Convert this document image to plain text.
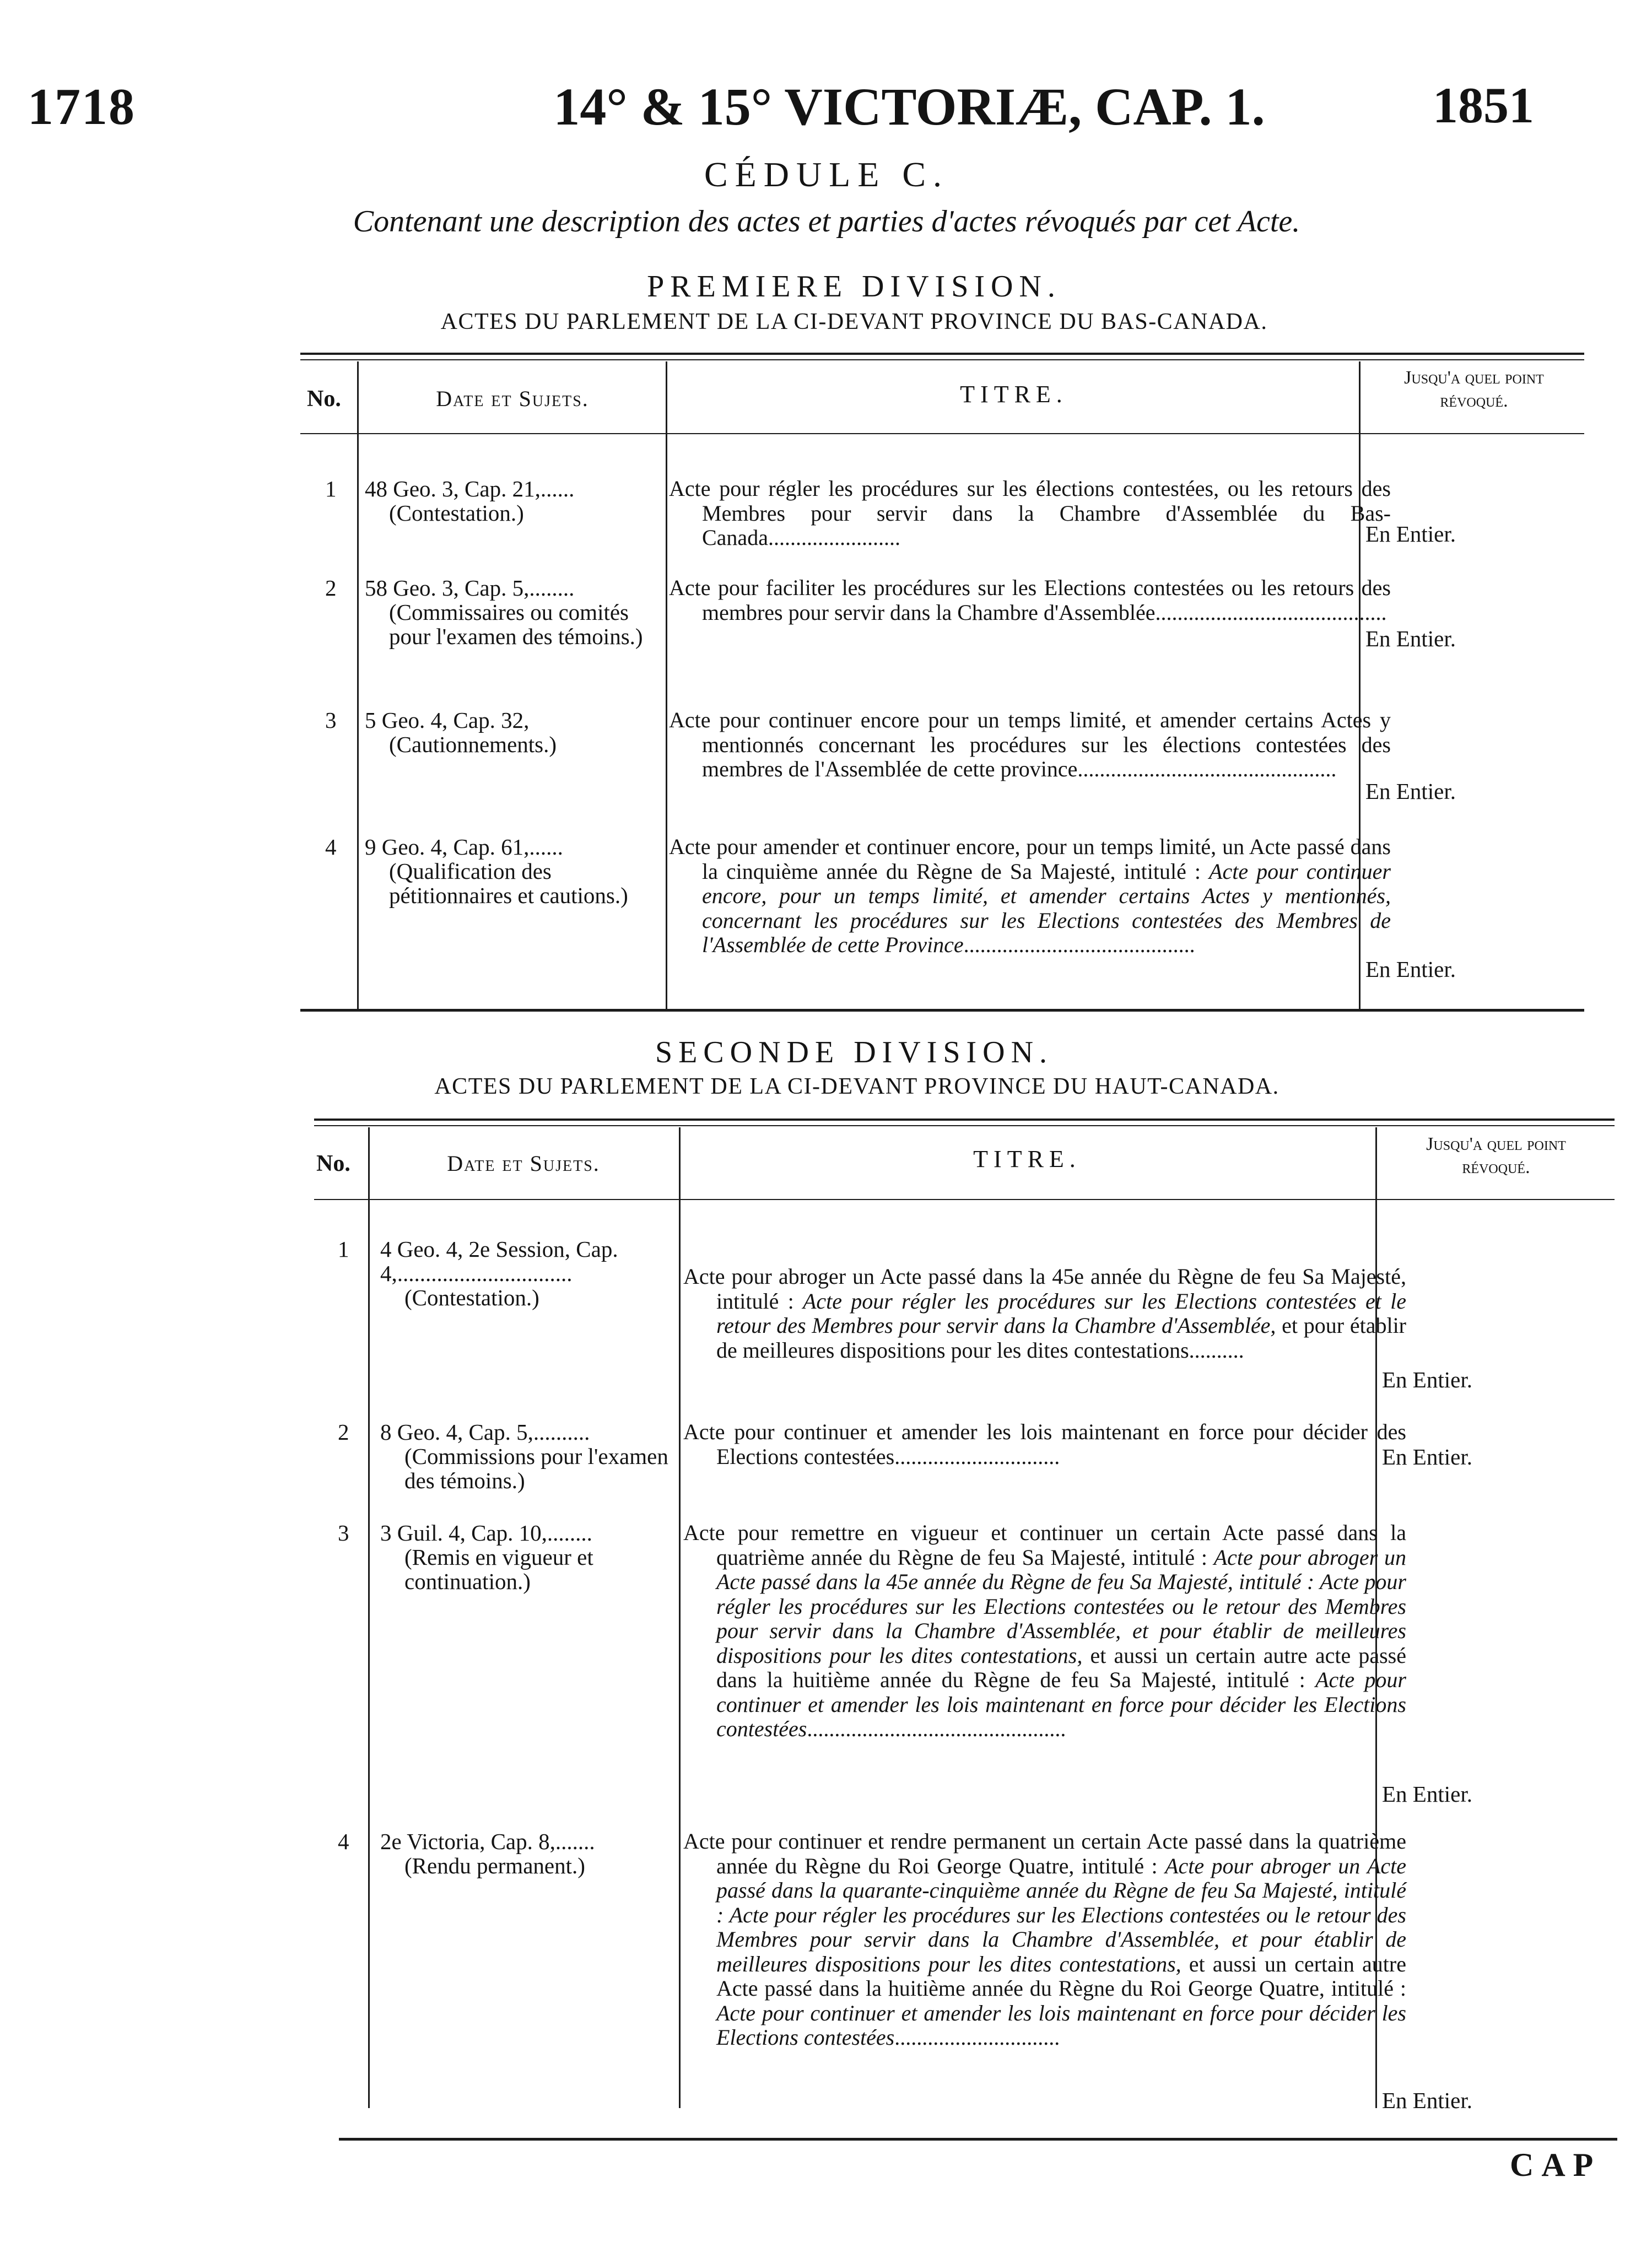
1718	14° & 15° VICTORIÆ, CAP. 1.	1851
CÉDULE C.
Contenant une description des actes et parties d'actes révoqués par cet Acte.
PREMIERE DIVISION.
ACTES DU PARLEMENT DE LA CI-DEVANT PROVINCE DU BAS-CANADA.
No.	Date et Sujets.	TITRE.
Jusqu'a quel point
révoqué.
1 48 Geo. 3, Cap. 21,......
(Contestation.)
Acte pour régler les procédures sur les élections contestées, ou les retours des Membres pour servir dans la Chambre d'Assemblée du Bas-Canada........................	En Entier.
2 58 Geo. 3, Cap. 5,........
(Commissaires ou comités pour l'examen des témoins.)
Acte pour faciliter les procédures sur les Elections contestées ou les retours des membres pour servir dans la Chambre d'Assemblée..........................................
En Entier.
3 5 Geo. 4, Cap. 32,
(Cautionnements.)
Acte pour continuer encore pour un temps limité, et amender certains Actes y mentionnés concernant les procédures sur les élections contestées des membres de l'Assemblée de cette province...............................................
En Entier.
4 9 Geo. 4, Cap. 61,......
(Qualification des pétitionnaires et cautions.)
Acte pour amender et continuer encore, pour un temps limité, un Acte passé dans la cinquième année du Règne de Sa Majesté, intitulé : Acte pour continuer encore, pour un temps limité, et amender certains Actes y mentionnés, concernant les procédures sur les Elections contestées des Membres de l'Assemblée de cette Province..........................................
En Entier.
SECONDE DIVISION.
ACTES DU PARLEMENT DE LA CI-DEVANT PROVINCE DU HAUT-CANADA.
No.	Date et Sujets.	TITRE.
Jusqu'a quel point
révoqué.
1 4 Geo. 4, 2e Session, Cap. 4,...............................
(Contestation.)
Acte pour abroger un Acte passé dans la 45e année du Règne de feu Sa Majesté, intitulé : Acte pour régler les procédures sur les Elections contestées et le retour des Membres pour servir dans la Chambre d'Assemblée, et pour établir de meilleures dispositions pour les dites contestations..........
En Entier.
2 8 Geo. 4, Cap. 5,..........
(Commissions pour l'examen des témoins.)
Acte pour continuer et amender les lois maintenant en force pour décider des Elections contestées..............................	En Entier.
3 3 Guil. 4, Cap. 10,........
(Remis en vigueur et continuation.)
Acte pour remettre en vigueur et continuer un certain Acte passé dans la quatrième année du Règne de feu Sa Majesté, intitulé : Acte pour abroger un Acte passé dans la 45e année du Règne de feu Sa Majesté, intitulé : Acte pour régler les procédures sur les Elections contestées ou le retour des Membres pour servir dans la Chambre d'Assemblée, et pour établir de meilleures dispositions pour les dites contestations, et aussi un certain autre acte passé dans la huitième année du Règne de feu Sa Majesté, intitulé : Acte pour continuer et amender les lois maintenant en force pour décider les Elections contestées...............................................
En Entier.
4 2e Victoria, Cap. 8,.......
(Rendu permanent.)
Acte pour continuer et rendre permanent un certain Acte passé dans la quatrième année du Règne du Roi George Quatre, intitulé : Acte pour abroger un Acte passé dans la quarante-cinquième année du Règne de feu Sa Majesté, intitulé : Acte pour régler les procédures sur les Elections contestées ou le retour des Membres pour servir dans la Chambre d'Assemblée, et pour établir de meilleures dispositions pour les dites contestations, et aussi un certain autre Acte passé dans la huitième année du Règne du Roi George Quatre, intitulé : Acte pour continuer et amender les lois maintenant en force pour décider les Elections contestées..............................
En Entier.
CAP
